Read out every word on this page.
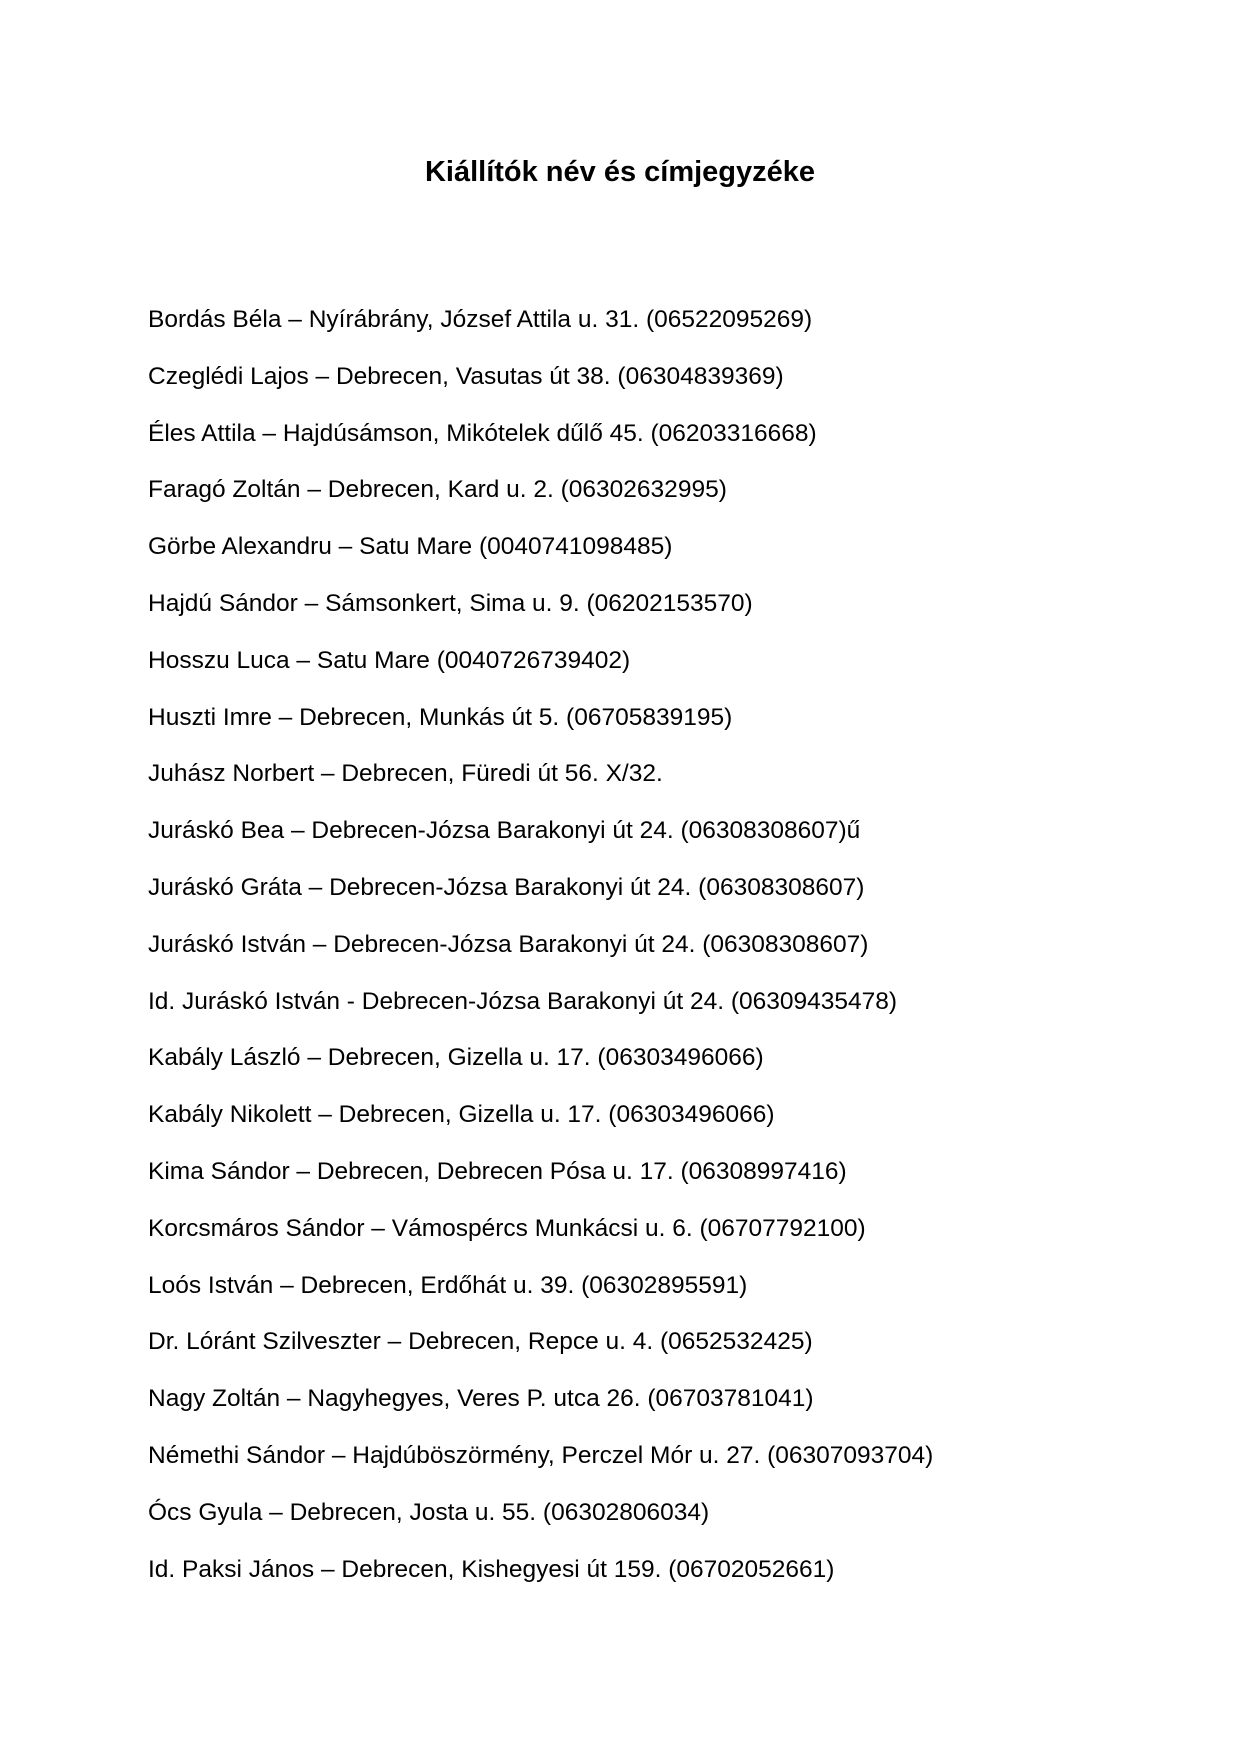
Kiállítók név és címjegyzéke
Bordás Béla – Nyírábrány, József Attila u. 31. (06522095269)
Czeglédi Lajos – Debrecen, Vasutas út 38. (06304839369)
Éles Attila – Hajdúsámson, Mikótelek dűlő 45. (06203316668)
Faragó Zoltán – Debrecen, Kard u. 2. (06302632995)
Görbe Alexandru – Satu Mare (0040741098485)
Hajdú Sándor – Sámsonkert, Sima u. 9. (06202153570)
Hosszu Luca – Satu Mare (0040726739402)
Huszti Imre – Debrecen, Munkás út 5. (06705839195)
Juhász Norbert – Debrecen, Füredi út 56. X/32.
Juráskó Bea – Debrecen-Józsa Barakonyi út 24. (06308308607)ű
Juráskó Gráta – Debrecen-Józsa Barakonyi út 24. (06308308607)
Juráskó István – Debrecen-Józsa Barakonyi út 24. (06308308607)
Id. Juráskó István - Debrecen-Józsa Barakonyi út 24. (06309435478)
Kabály László – Debrecen, Gizella u. 17. (06303496066)
Kabály Nikolett – Debrecen, Gizella u. 17. (06303496066)
Kima Sándor – Debrecen, Debrecen Pósa u. 17. (06308997416)
Korcsmáros Sándor – Vámospércs Munkácsi u. 6. (06707792100)
Loós István – Debrecen, Erdőhát u. 39. (06302895591)
Dr. Lóránt Szilveszter – Debrecen, Repce u. 4. (0652532425)
Nagy Zoltán – Nagyhegyes, Veres P. utca 26. (06703781041)
Némethi Sándor – Hajdúböszörmény, Perczel Mór u. 27. (06307093704)
Ócs Gyula – Debrecen, Josta u. 55. (06302806034)
Id. Paksi János – Debrecen, Kishegyesi út 159. (06702052661)
